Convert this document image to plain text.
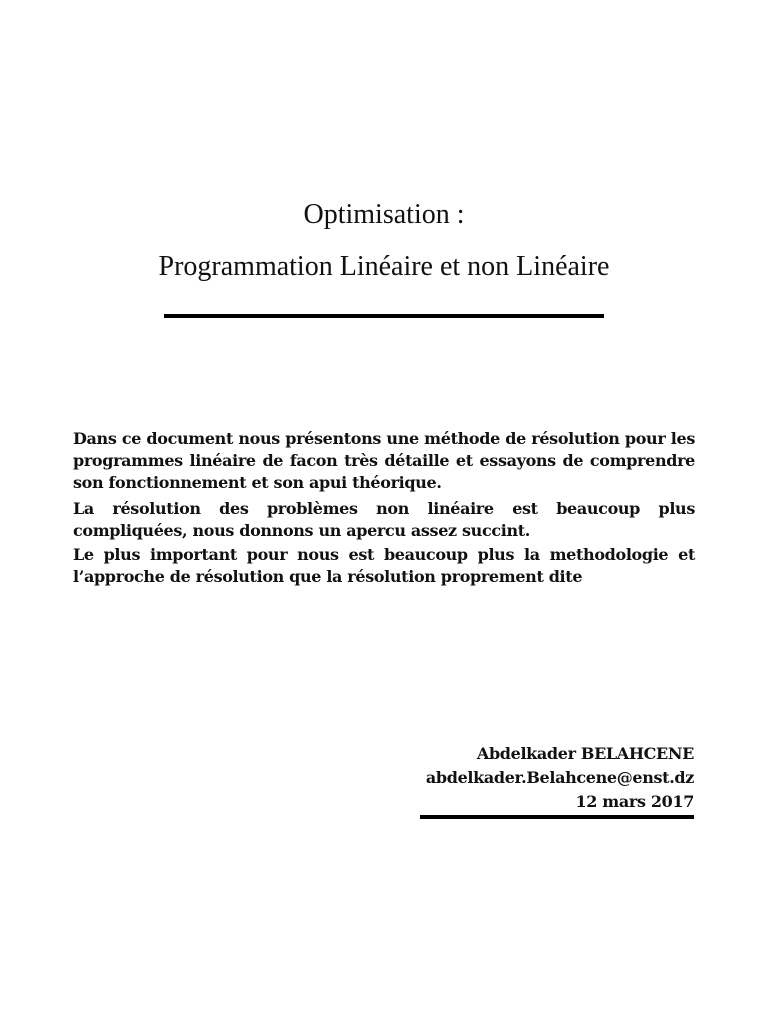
Optimisation :
Programmation Linéaire et non Linéaire

Dans ce document nous présentons une méthode de résolution pour les programmes linéaire de facon très détaille et essayons de comprendre son fonctionnement et son apui théorique.

La résolution des problèmes non linéaire est beaucoup plus compliquées, nous donnons un apercu assez succint.

Le plus important pour nous est beaucoup plus la methodologie et l’approche de résolution que la résolution proprement dite

Abdelkader BELAHCENE
abdelkader.Belahcene@enst.dz
12 mars 2017
